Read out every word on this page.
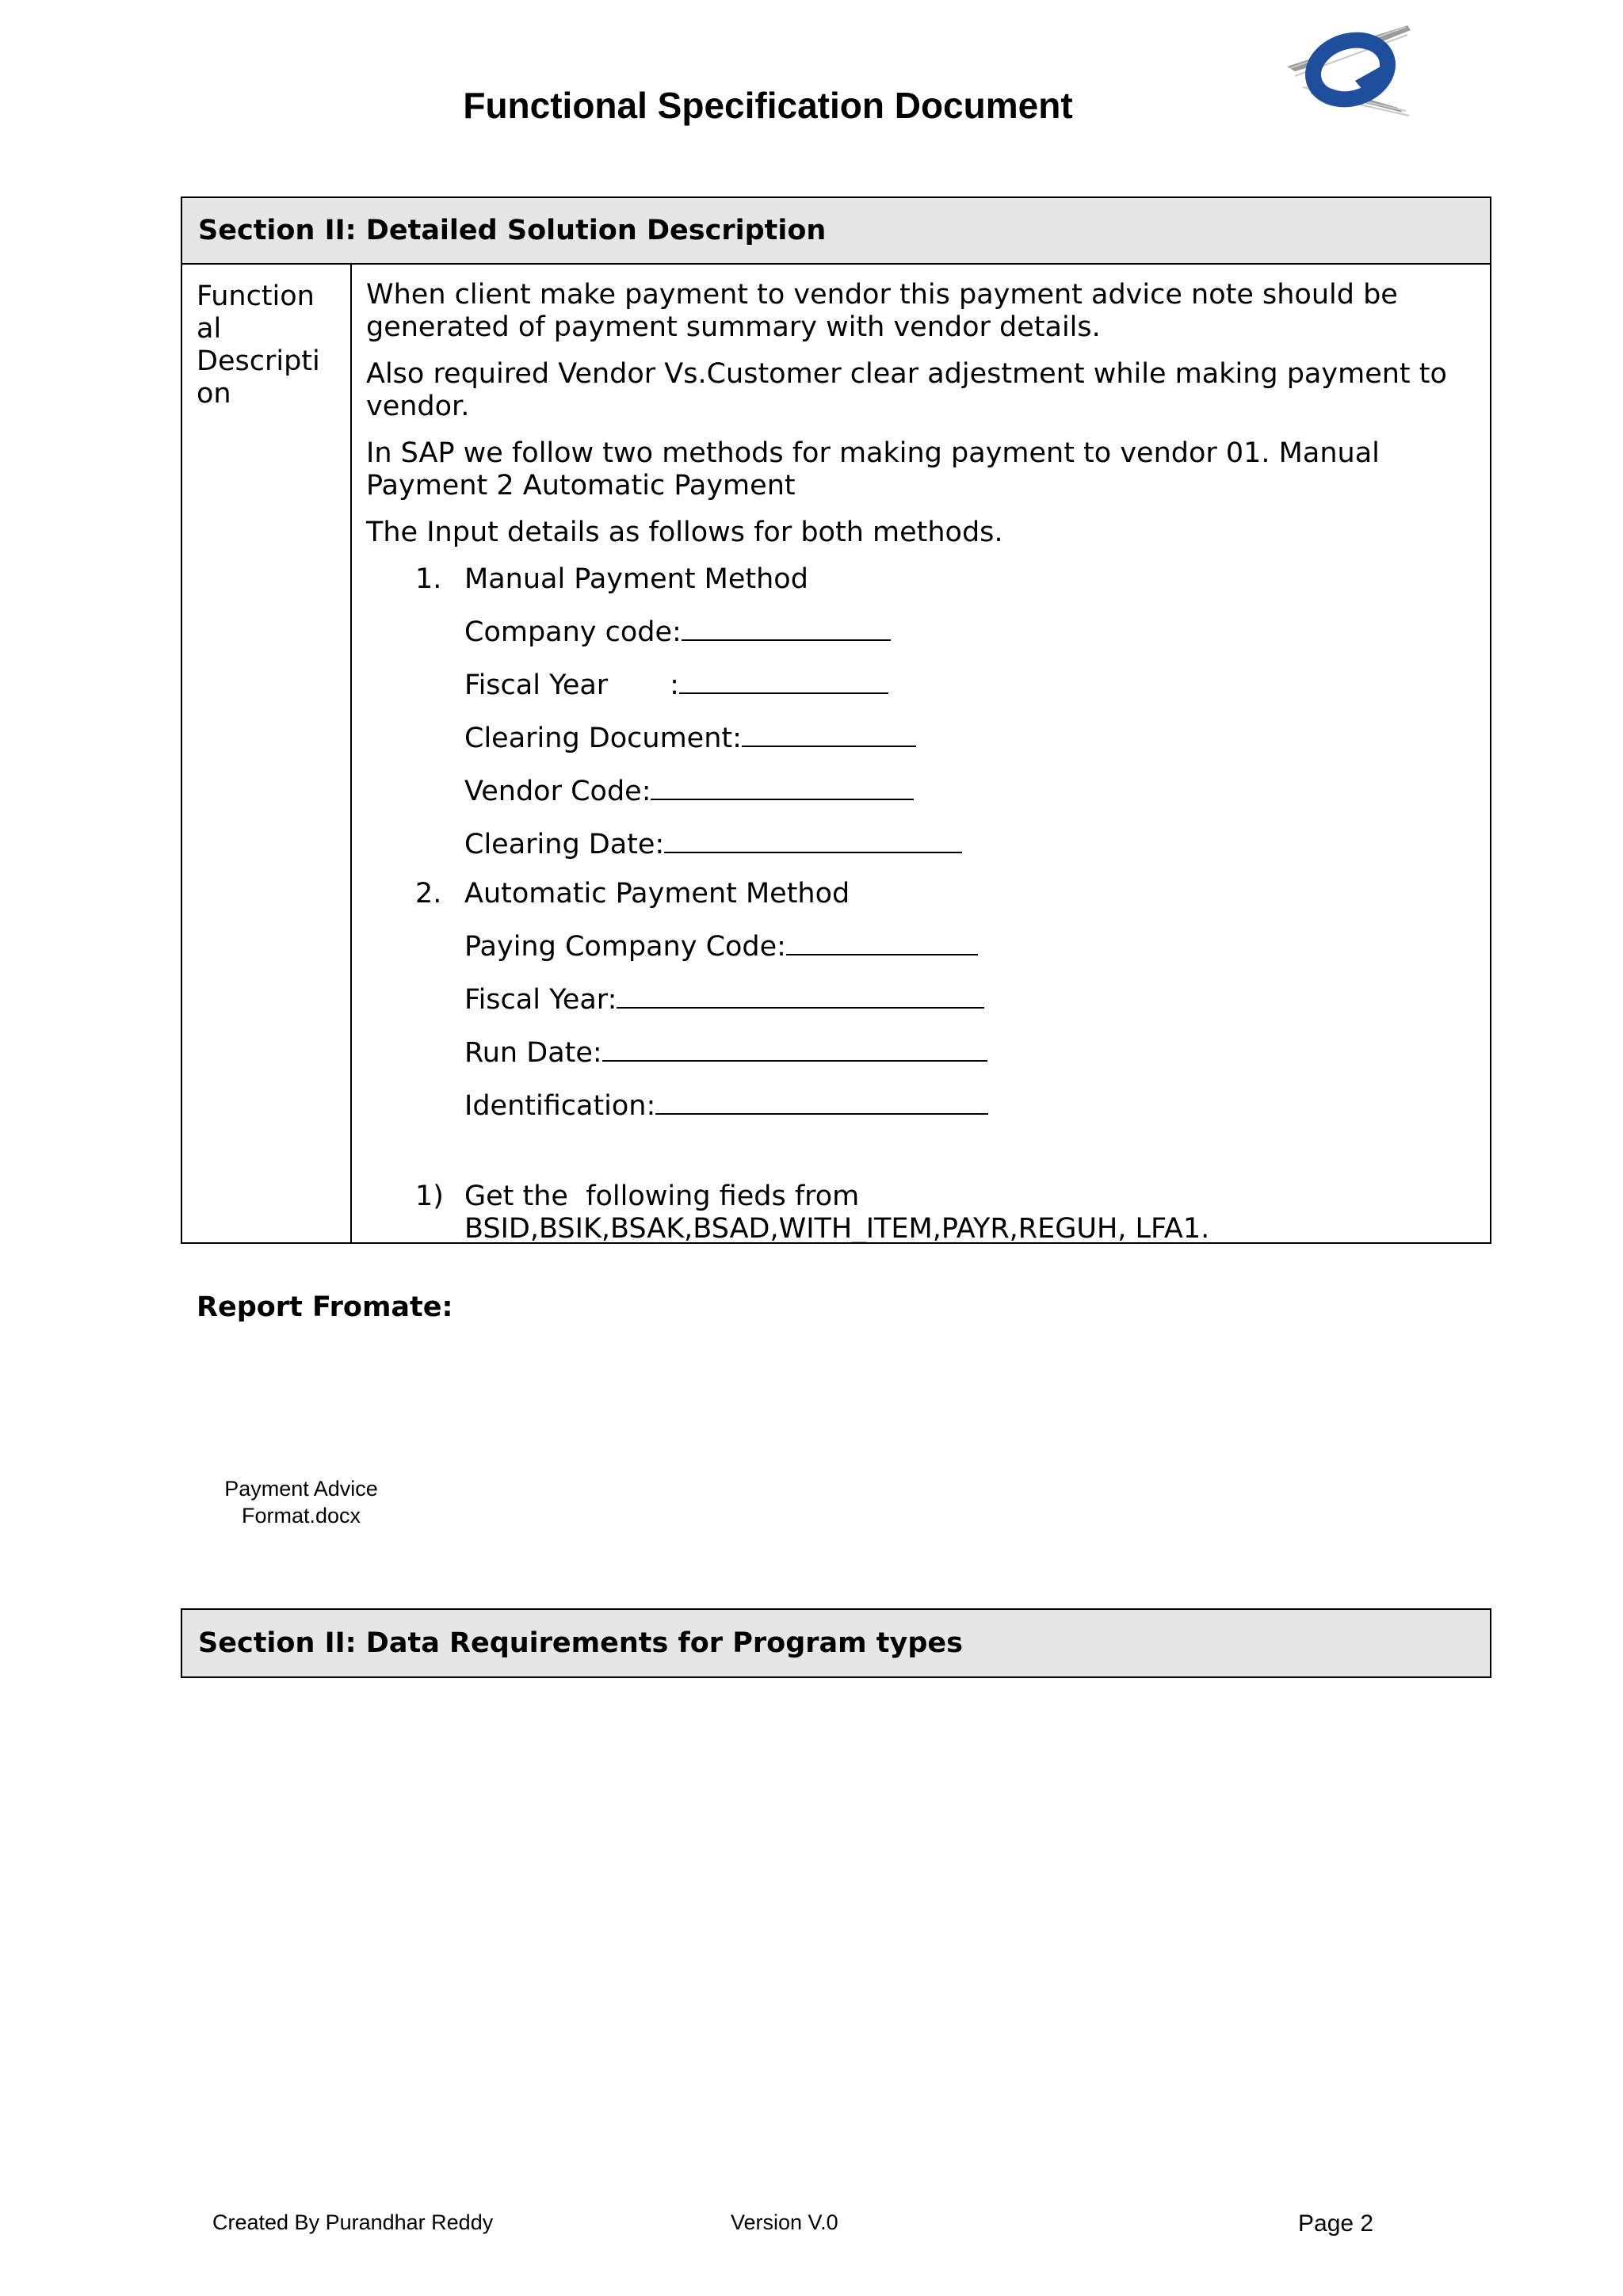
Functional Specification Document
Section II: Detailed Solution Description
Function
al
Descripti
on

When client make payment to vendor this payment advice note should be generated of payment summary with vendor details.

Also required Vendor Vs.Customer clear adjestment while making payment to vendor.

In SAP we follow two methods for making payment to vendor 01. Manual Payment 2 Automatic Payment

The Input details as follows for both methods.

1. Manual Payment Method
Company code:
Fiscal Year       :
Clearing Document:
Vendor Code:
Clearing Date:
2. Automatic Payment Method
Paying Company Code:
Fiscal Year:
Run Date:
Identification:
1) Get the  following fieds from
BSID,BSIK,BSAK,BSAD,WITH_ITEM,PAYR,REGUH, LFA1.
Report Fromate:
Payment Advice
Format.docx
Section II: Data Requirements for Program types
Created By Purandhar Reddy	Version V.0	Page 2
